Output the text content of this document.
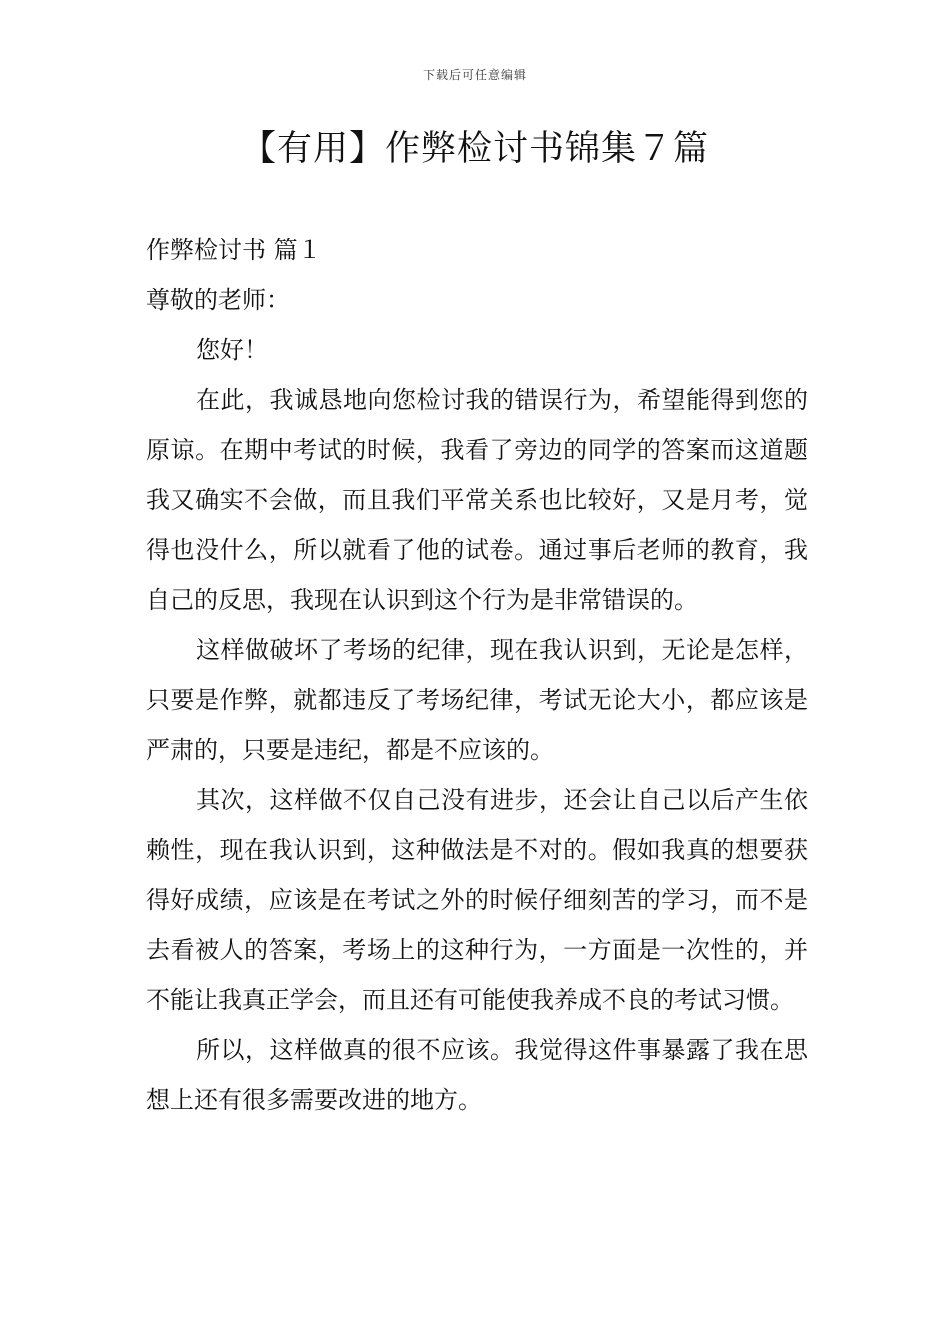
下载后可任意编辑
【有用】作弊检讨书锦集７篇

作弊检讨书 篇１

尊敬的老师：

您好！

在此，我诚恳地向您检讨我的错误行为，希望能得到您的原谅。在期中考试的时候，我看了旁边的同学的答案而这道题我又确实不会做，而且我们平常关系也比较好，又是月考，觉得也没什么，所以就看了他的试卷。通过事后老师的教育，我自己的反思，我现在认识到这个行为是非常错误的。

这样做破坏了考场的纪律，现在我认识到，无论是怎样，只要是作弊，就都违反了考场纪律，考试无论大小，都应该是严肃的，只要是违纪，都是不应该的。

其次，这样做不仅自己没有进步，还会让自己以后产生依赖性，现在我认识到，这种做法是不对的。假如我真的想要获得好成绩，应该是在考试之外的时候仔细刻苦的学习，而不是去看被人的答案，考场上的这种行为，一方面是一次性的，并不能让我真正学会，而且还有可能使我养成不良的考试习惯。

所以，这样做真的很不应该。我觉得这件事暴露了我在思想上还有很多需要改进的地方。
